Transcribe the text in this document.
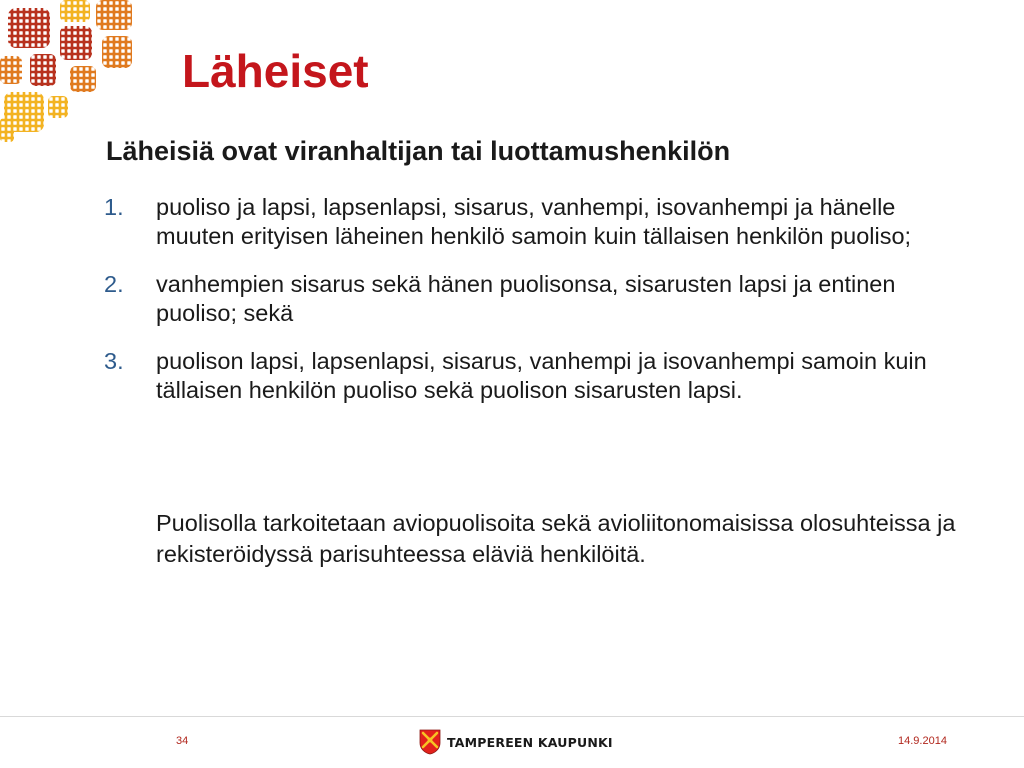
Läheiset
Läheisiä ovat viranhaltijan tai luottamushenkilön
1. puoliso ja lapsi, lapsenlapsi, sisarus, vanhempi, isovanhempi ja hänelle muuten erityisen läheinen henkilö samoin kuin tällaisen henkilön puoliso;
2. vanhempien sisarus sekä hänen puolisonsa, sisarusten lapsi ja entinen puoliso; sekä
3. puolison lapsi, lapsenlapsi, sisarus, vanhempi ja isovanhempi samoin kuin tällaisen henkilön puoliso sekä puolison sisarusten lapsi.

Puolisolla tarkoitetaan aviopuolisoita sekä avioliitonomaisissa olosuhteissa ja rekisteröidyssä parisuhteessa eläviä henkilöitä.

34	TAMPEREEN KAUPUNKI	14.9.2014
